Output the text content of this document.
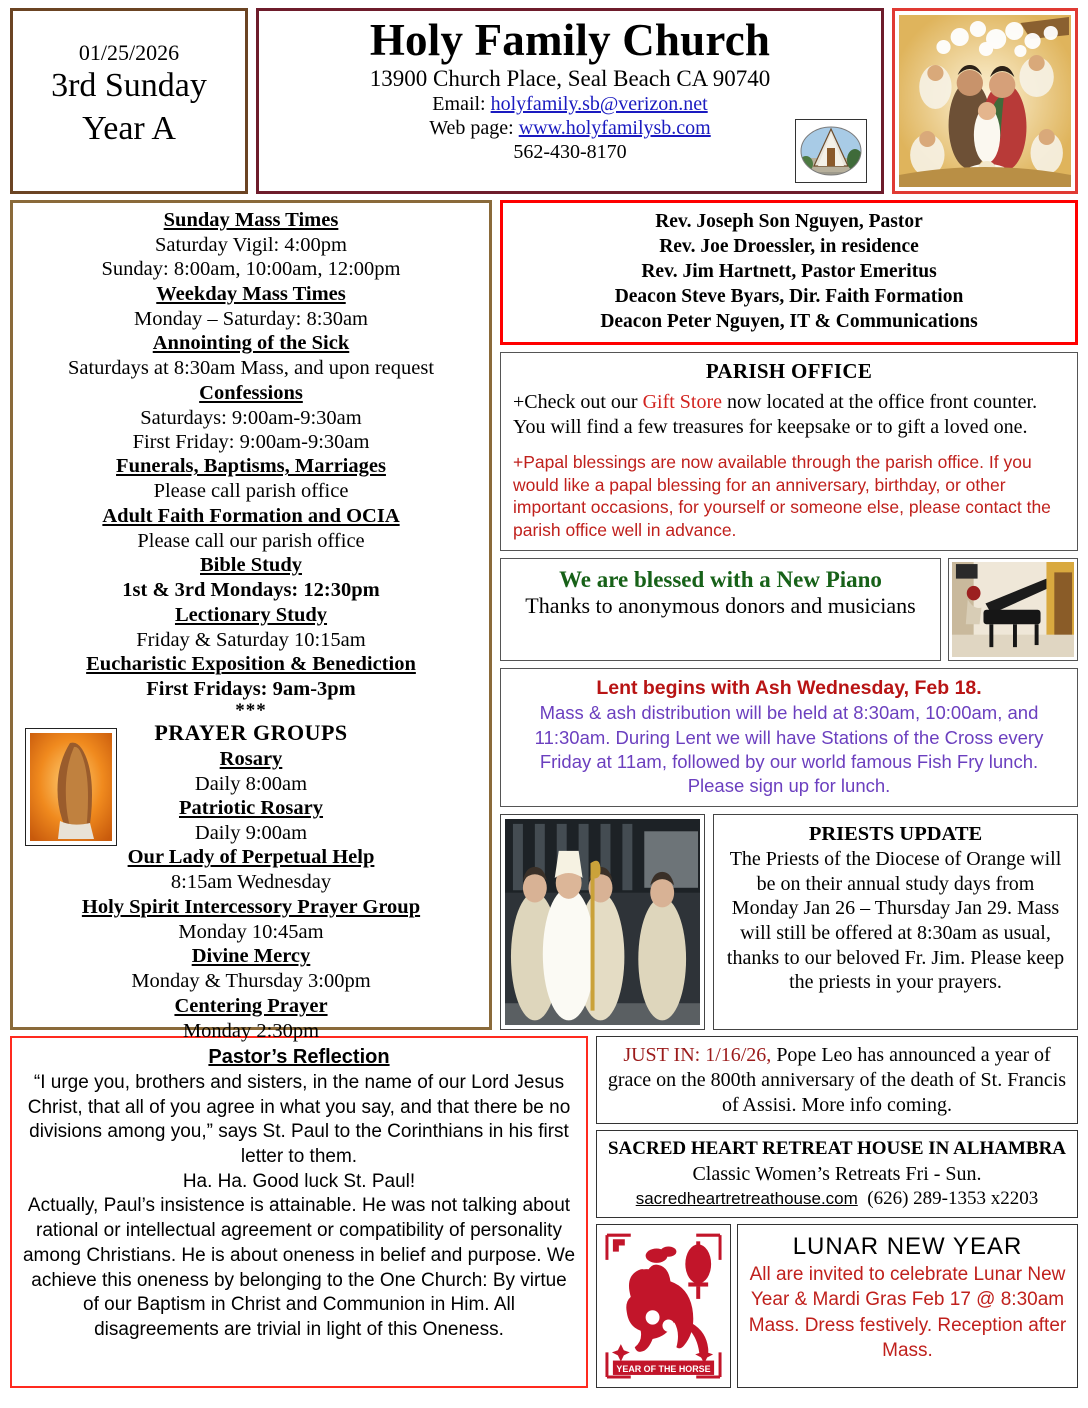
01/25/2026
3rd Sunday
Year A
Holy Family Church
13900 Church Place, Seal Beach CA 90740
Email: holyfamily.sb@verizon.net
Web page: www.holyfamilysb.com
562-430-8170
Sunday Mass Times
Saturday Vigil: 4:00pm
Sunday: 8:00am, 10:00am, 12:00pm
Weekday Mass Times
Monday – Saturday: 8:30am
Annointing of the Sick
Saturdays at 8:30am Mass, and upon request
Confessions
Saturdays: 9:00am-9:30am
First Friday: 9:00am-9:30am
Funerals, Baptisms, Marriages
Please call parish office
Adult Faith Formation and OCIA
Please call our parish office
Bible Study
1st & 3rd Mondays: 12:30pm
Lectionary Study
Friday & Saturday 10:15am
Eucharistic Exposition & Benediction
First Fridays: 9am-3pm
***
PRAYER GROUPS
Rosary
Daily 8:00am
Patriotic Rosary
Daily 9:00am
Our Lady of Perpetual Help
8:15am Wednesday
Holy Spirit Intercessory Prayer Group
Monday 10:45am
Divine Mercy
Monday & Thursday 3:00pm
Centering Prayer
Monday 2:30pm
Rev. Joseph Son Nguyen, Pastor
Rev. Joe Droessler, in residence
Rev. Jim Hartnett, Pastor Emeritus
Deacon Steve Byars, Dir. Faith Formation
Deacon Peter Nguyen, IT & Communications
PARISH OFFICE

+Check out our Gift Store now located at the office front counter. You will find a few treasures for keepsake or to gift a loved one.

+Papal blessings are now available through the parish office. If you would like a papal blessing for an anniversary, birthday, or other important occasions, for yourself or someone else, please contact the parish office well in advance.

We are blessed with a New Piano
Thanks to anonymous donors and musicians
Lent begins with Ash Wednesday, Feb 18.
Mass & ash distribution will be held at 8:30am, 10:00am, and 11:30am. During Lent we will have Stations of the Cross every Friday at 11am, followed by our world famous Fish Fry lunch. Please sign up for lunch.
PRIESTS UPDATE
The Priests of the Diocese of Orange will be on their annual study days from Monday Jan 26 – Thursday Jan 29. Mass will still be offered at 8:30am as usual, thanks to our beloved Fr. Jim. Please keep the priests in your prayers.
Pastor’s Reflection
“I urge you, brothers and sisters, in the name of our Lord Jesus Christ, that all of you agree in what you say, and that there be no divisions among you,” says St. Paul to the Corinthians in his first letter to them.
Ha. Ha. Good luck St. Paul!
Actually, Paul’s insistence is attainable. He was not talking about rational or intellectual agreement or compatibility of personality among Christians. He is about oneness in belief and purpose. We achieve this oneness by belonging to the One Church: By virtue of our Baptism in Christ and Communion in Him. All disagreements are trivial in light of this Oneness.

JUST IN: 1/16/26, Pope Leo has announced a year of grace on the 800th anniversary of the death of St. Francis of Assisi. More info coming.

SACRED HEART RETREAT HOUSE IN ALHAMBRA
Classic Women’s Retreats Fri - Sun.
sacredheartretreathouse.com (626) 289-1353 x2203
YEAR OF THE HORSE
LUNAR NEW YEAR
All are invited to celebrate Lunar New Year & Mardi Gras Feb 17 @ 8:30am Mass. Dress festively. Reception after Mass.
